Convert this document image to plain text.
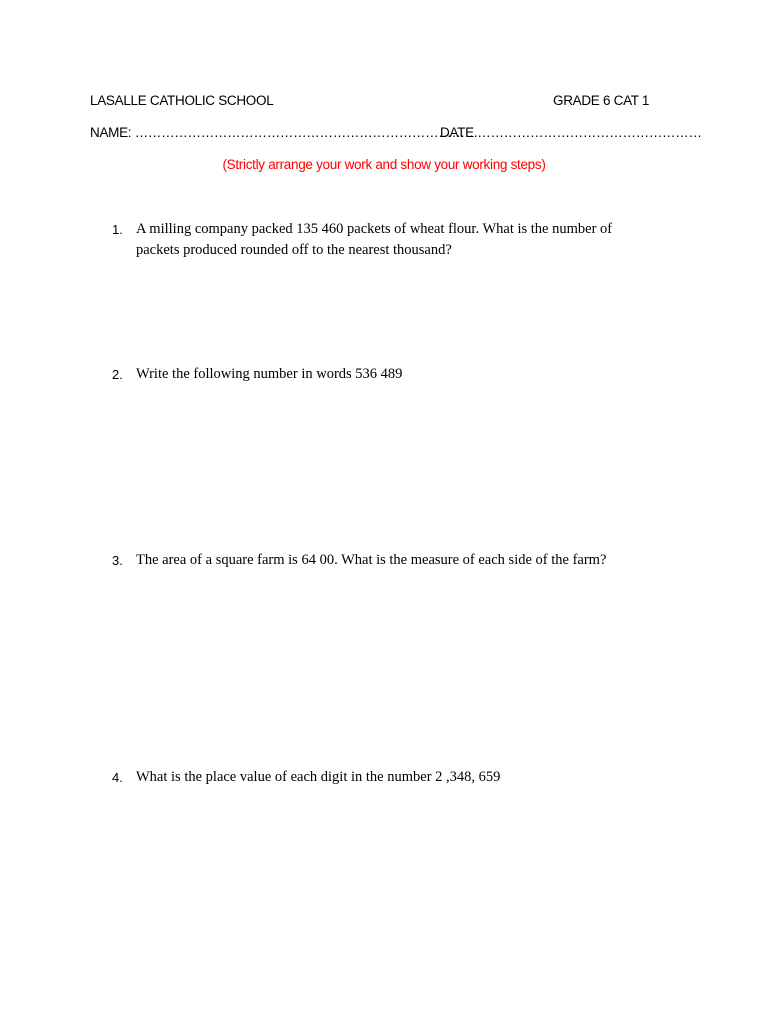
LASALLE CATHOLIC SCHOOL	GRADE 6 CAT 1
NAME: ……………………………………………………………………
DATE ……………………………………………
(Strictly arrange your work and show your working steps)
1. A milling company packed 135 460 packets of wheat flour. What is the number of packets produced rounded off to the nearest thousand?
2. Write the following number in words 536 489
3. The area of a square farm is 64 00. What is the measure of each side of the farm?
4. What is the place value of each digit in the number 2 ,348, 659
